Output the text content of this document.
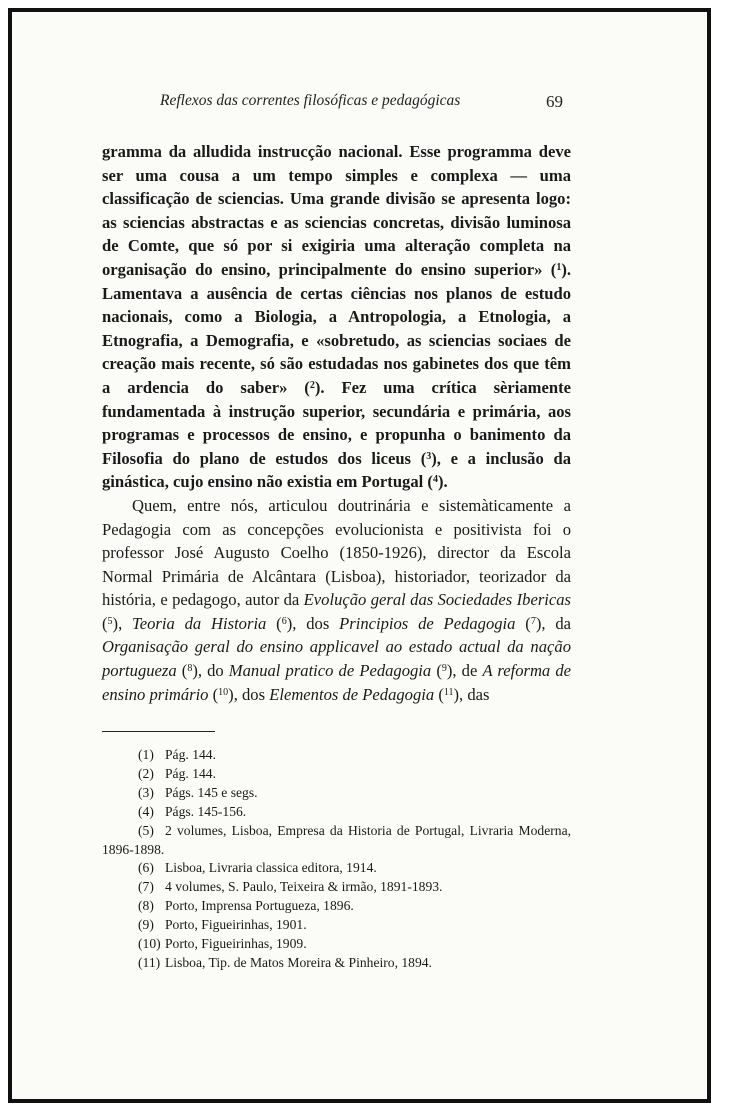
Reflexos das correntes filosóficas e pedagógicas	69

gramma da alludida instrucção nacional. Esse programma deve ser uma cousa a um tempo simples e complexa — uma classificação de sciencias. Uma grande divisão se apresenta logo: as sciencias abstractas e as sciencias concretas, divisão luminosa de Comte, que só por si exigiria uma alteração completa na organisação do ensino, principalmente do ensino superior» ($^1$). Lamentava a ausência de certas ciências nos planos de estudo nacionais, como a Biologia, a Antropologia, a Etnologia, a Etnografia, a Demografia, e «sobretudo, as sciencias sociaes de creação mais recente, só são estudadas nos gabinetes dos que têm a ardencia do saber» ($^2$). Fez uma crítica sèriamente fundamentada à instrução superior, secundária e primária, aos programas e processos de ensino, e propunha o banimento da Filosofia do plano de estudos dos liceus ($^3$), e a inclusão da ginástica, cujo ensino não existia em Portugal ($^4$).

Quem, entre nós, articulou doutrinária e sistemàticamente a Pedagogia com as concepções evolucionista e positivista foi o professor José Augusto Coelho (1850-1926), director da Escola Normal Primária de Alcântara (Lisboa), historiador, teorizador da história, e pedagogo, autor da Evolução geral das Sociedades Ibericas ($^5$), Teoria da Historia ($^6$), dos Principios de Pedagogia ($^7$), da Organisação geral do ensino applicavel ao estado actual da nação portugueza ($^8$), do Manual pratico de Pedagogia ($^9$), de A reforma de ensino primário ($^{10}$), dos Elementos de Pedagogia ($^{11}$), das

(1) Pág. 144.
(2) Pág. 144.
(3) Págs. 145 e segs.
(4) Págs. 145-156.
(5) 2 volumes, Lisboa, Empresa da Historia de Portugal, Livraria Moderna, 1896-1898.
(6) Lisboa, Livraria classica editora, 1914.
(7) 4 volumes, S. Paulo, Teixeira & irmão, 1891-1893.
(8) Porto, Imprensa Portugueza, 1896.
(9) Porto, Figueirinhas, 1901.
(10) Porto, Figueirinhas, 1909.
(11) Lisboa, Tip. de Matos Moreira & Pinheiro, 1894.
